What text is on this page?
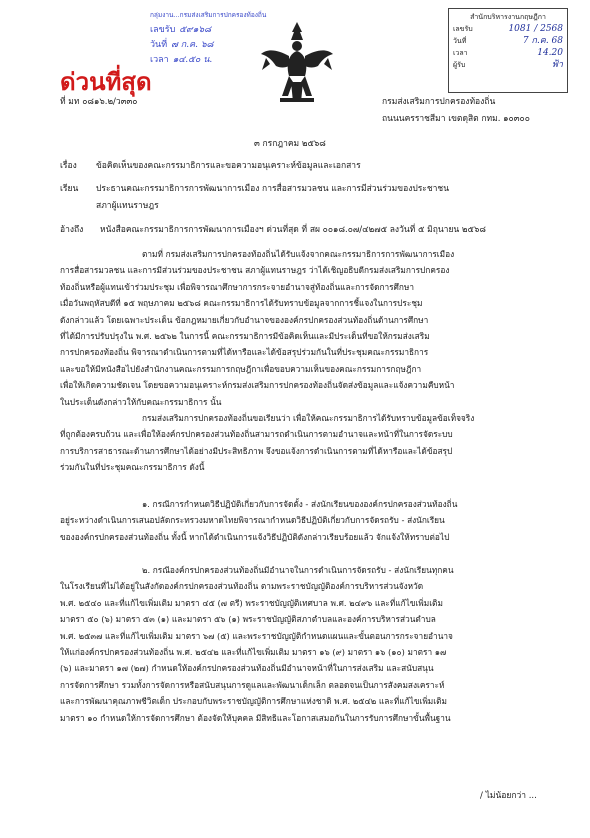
กลุ่มงาน...กรมส่งเสริมการปกครองท้องถิ่น
เลขรับ ๕๙๑๖๘
วันที่ ๗ ก.ค. ๖๘
เวลา ๑๔.๕๐ น.
สำนักบริหารงานกฤษฎีกา
เลขรับ	1081 / 2568
วันที่	7 ก.ค. 68
เวลา	14.20
ผู้รับ	ฟ้า
ด่วนที่สุด
ที่ มท ๐๘๑๖.๒/ว๓๓๐	กรมส่งเสริมการปกครองท้องถิ่น
ถนนนครราชสีมา เขตดุสิต กทม. ๑๐๓๐๐
๓ กรกฎาคม ๒๕๖๘
เรื่อง ข้อคิดเห็นของคณะกรรมาธิการและขอความอนุเคราะห์ข้อมูลและเอกสาร
เรียน ประธานคณะกรรมาธิการการพัฒนาการเมือง การสื่อสารมวลชน และการมีส่วนร่วมของประชาชน
สภาผู้แทนราษฎร
อ้างถึง หนังสือคณะกรรมาธิการการพัฒนาการเมืองฯ ด่วนที่สุด ที่ สผ ๐๐๑๘.๐๗/๔๒๗๕ ลงวันที่ ๕ มิถุนายน ๒๕๖๘
ตามที่ กรมส่งเสริมการปกครองท้องถิ่นได้รับแจ้งจากคณะกรรมาธิการการพัฒนาการเมือง
การสื่อสารมวลชน และการมีส่วนร่วมของประชาชน สภาผู้แทนราษฎร ว่าได้เชิญอธิบดีกรมส่งเสริมการปกครอง
ท้องถิ่นหรือผู้แทนเข้าร่วมประชุม เพื่อพิจารณาศึกษาการกระจายอำนาจสู่ท้องถิ่นและการจัดการศึกษา
เมื่อวันพฤหัสบดีที่ ๑๕ พฤษภาคม ๒๕๖๘ คณะกรรมาธิการได้รับทราบข้อมูลจากการชี้แจงในการประชุม
ดังกล่าวแล้ว โดยเฉพาะประเด็น ข้อกฎหมายเกี่ยวกับอำนาจขององค์กรปกครองส่วนท้องถิ่นด้านการศึกษา
ที่ได้มีการปรับปรุงใน พ.ศ. ๒๕๖๒ ในการนี้ คณะกรรมาธิการมีข้อคิดเห็นและมีประเด็นที่ขอให้กรมส่งเสริม
การปกครองท้องถิ่น พิจารณาดำเนินการตามที่ได้หารือและได้ข้อสรุปร่วมกันในที่ประชุมคณะกรรมาธิการ
และขอให้มีหนังสือไปยังสำนักงานคณะกรรมการกฤษฎีกาเพื่อขอบความเห็นของคณะกรรมการกฤษฎีกา
เพื่อให้เกิดความชัดเจน โดยขอความอนุเคราะห์กรมส่งเสริมการปกครองท้องถิ่นจัดส่งข้อมูลและแจ้งความคืบหน้า
ในประเด็นดังกล่าวให้กับคณะกรรมาธิการ นั้น
กรมส่งเสริมการปกครองท้องถิ่นขอเรียนว่า เพื่อให้คณะกรรมาธิการได้รับทราบข้อมูลข้อเท็จจริง
ที่ถูกต้องครบถ้วน และเพื่อให้องค์กรปกครองส่วนท้องถิ่นสามารถดำเนินการตามอำนาจและหน้าที่ในการจัดระบบ
การบริการสาธารณะด้านการศึกษาได้อย่างมีประสิทธิภาพ จึงขอแจ้งการดำเนินการตามที่ได้หารือและได้ข้อสรุป
ร่วมกันในที่ประชุมคณะกรรมาธิการ ดังนี้
๑. กรณีการกำหนดวิธีปฏิบัติเกี่ยวกับการจัดตั้ง - ส่งนักเรียนขององค์กรปกครองส่วนท้องถิ่น
อยู่ระหว่างดำเนินการเสนอปลัดกระทรวงมหาดไทยพิจารณากำหนดวิธีปฏิบัติเกี่ยวกับการจัดรถรับ - ส่งนักเรียน
ขององค์กรปกครองส่วนท้องถิ่น ทั้งนี้ หากได้ดำเนินการแจ้งวิธีปฏิบัติดังกล่าวเรียบร้อยแล้ว จักแจ้งให้ทราบต่อไป
๒. กรณีองค์กรปกครองส่วนท้องถิ่นมีอำนาจในการดำเนินการจัดรถรับ - ส่งนักเรียนทุกคน
ในโรงเรียนที่ไม่ได้อยู่ในสังกัดองค์กรปกครองส่วนท้องถิ่น ตามพระราชบัญญัติองค์การบริหารส่วนจังหวัด
พ.ศ. ๒๕๔๐ และที่แก้ไขเพิ่มเติม มาตรา ๔๕ (๗ ตรี) พระราชบัญญัติเทศบาล พ.ศ. ๒๔๙๖ และที่แก้ไขเพิ่มเติม
มาตรา ๕๐ (๖) มาตรา ๕๓ (๑) และมาตรา ๕๖ (๑) พระราชบัญญัติสภาตำบลและองค์การบริหารส่วนตำบล
พ.ศ. ๒๕๓๗ และที่แก้ไขเพิ่มเติม มาตรา ๖๗ (๕) และพระราชบัญญัติกำหนดแผนและขั้นตอนการกระจายอำนาจ
ให้แก่องค์กรปกครองส่วนท้องถิ่น พ.ศ. ๒๕๔๒ และที่แก้ไขเพิ่มเติม มาตรา ๑๖ (๙) มาตรา ๑๖ (๑๐) มาตรา ๑๗
(๖) และมาตรา ๑๗ (๒๗) กำหนดให้องค์กรปกครองส่วนท้องถิ่นมีอำนาจหน้าที่ในการส่งเสริม และสนับสนุน
การจัดการศึกษา รวมทั้งการจัดการหรือสนับสนุนการดูแลและพัฒนาเด็กเล็ก ตลอดจนเป็นการสังคมสงเคราะห์
และการพัฒนาคุณภาพชีวิตเด็ก ประกอบกับพระราชบัญญัติการศึกษาแห่งชาติ พ.ศ. ๒๕๔๒ และที่แก้ไขเพิ่มเติม
มาตรา ๑๐ กำหนดให้การจัดการศึกษา ต้องจัดให้บุคคล มีสิทธิและโอกาสเสมอกันในการรับการศึกษาขั้นพื้นฐาน
/ ไม่น้อยกว่า ...
